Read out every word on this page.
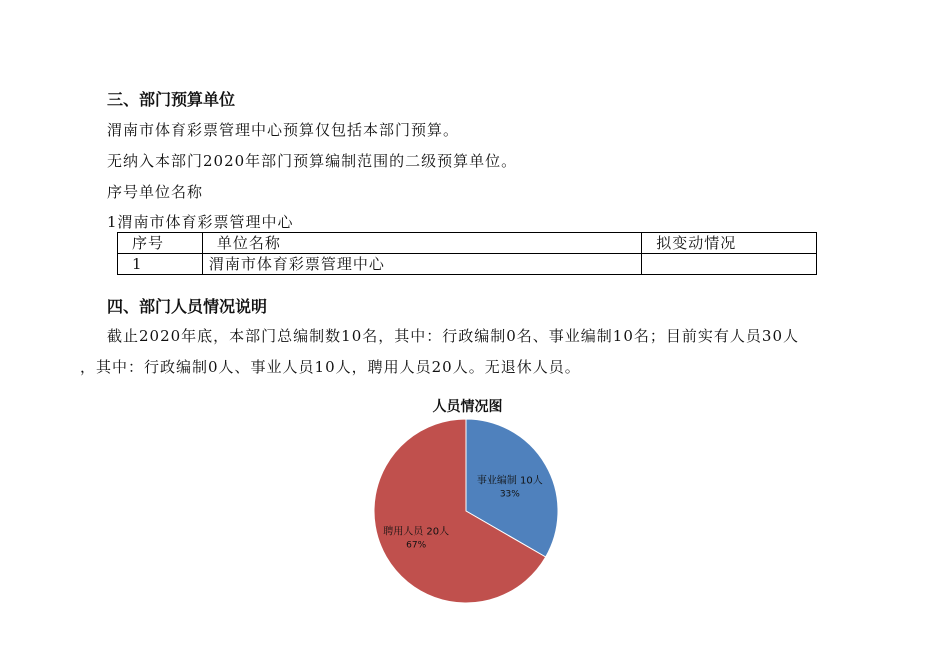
三、部门预算单位
渭南市体育彩票管理中心预算仅包括本部门预算。
无纳入本部门2020年部门预算编制范围的二级预算单位。
序号单位名称
1渭南市体育彩票管理中心
序号	单位名称	拟变动情况
1	渭南市体育彩票管理中心	
四、部门人员情况说明
截止2020年底，本部门总编制数10名，其中：行政编制0名、事业编制10名；目前实有人员30人
，其中：行政编制0人、事业人员10人，聘用人员20人。无退休人员。
人员情况图
事业编制 10人
33%
聘用人员 20人
67%
